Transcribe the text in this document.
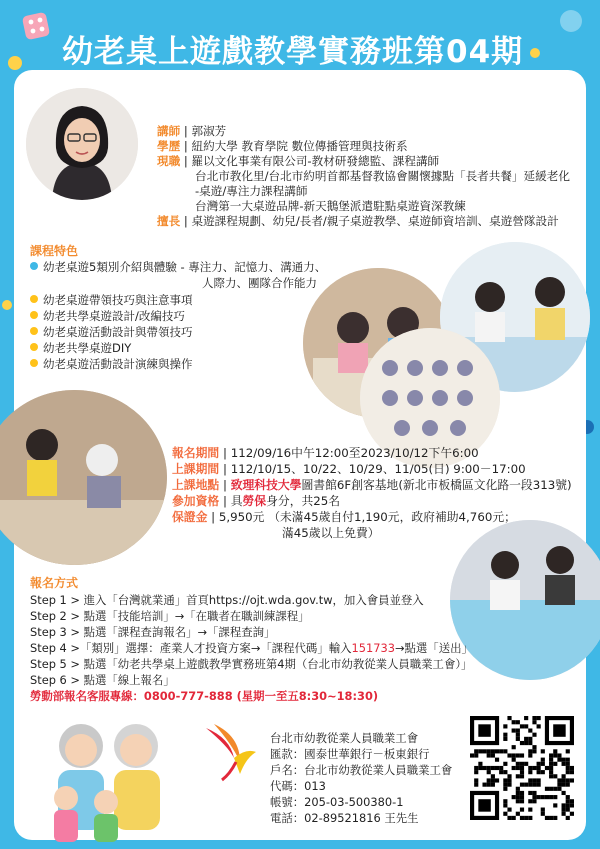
幼老桌上遊戲教學實務班第04期
講師 | 郭淑芳
學歷 | 紐約大學 教育學院 數位傳播管理與技術系
現職 | 羅以文化事業有限公司-教材研發總監、課程講師
台北市教化里/台北市約明首都基督教協會關懷據點「長者共餐」延緩老化
-桌遊/專注力課程講師
台灣第一大桌遊品牌-新天鵝堡派遣駐點桌遊資深教練
擅長 | 桌遊課程規劃、幼兒/長者/親子桌遊教學、桌遊師資培訓、桌遊營隊設計
課程特色
幼老桌遊5類別介紹與體驗 - 專注力、記憶力、溝通力、
人際力、團隊合作能力
幼老桌遊帶領技巧與注意事項
幼老共學桌遊設計/改編技巧
幼老桌遊活動設計與帶領技巧
幼老共學桌遊DIY
幼老桌遊活動設計演練與操作
報名期間 | 112/09/16中午12:00至2023/10/12下午6:00
上課期間 | 112/10/15、10/22、10/29、11/05(日) 9:00－17:00
上課地點 | 致理科技大學圖書館6F創客基地(新北市板橋區文化路一段313號)
參加資格 | 具勞保身分，共25名
保證金 | 5,950元 （未滿45歲自付1,190元，政府補助4,760元；
滿45歲以上免費）
報名方式
Step 1 > 進入「台灣就業通」首頁https://ojt.wda.gov.tw，加入會員並登入
Step 2 > 點選「技能培訓」→「在職者在職訓練課程」
Step 3 > 點選「課程查詢報名」→「課程查詢」
Step 4 >「類別」選擇：產業人才投資方案→「課程代碼」輸入151733→點選「送出」
Step 5 > 點選「幼老共學桌上遊戲教學實務班第4期（台北市幼教從業人員職業工會）」
Step 6 > 點選「線上報名」
勞動部報名客服專線：0800-777-888 (星期一至五8:30~18:30)
台北市幼教從業人員職業工會
匯款：國泰世華銀行－板東銀行
戶名：台北市幼教從業人員職業工會
代碼：013
帳號：205-03-500380-1
電話：02-89521816 王先生
